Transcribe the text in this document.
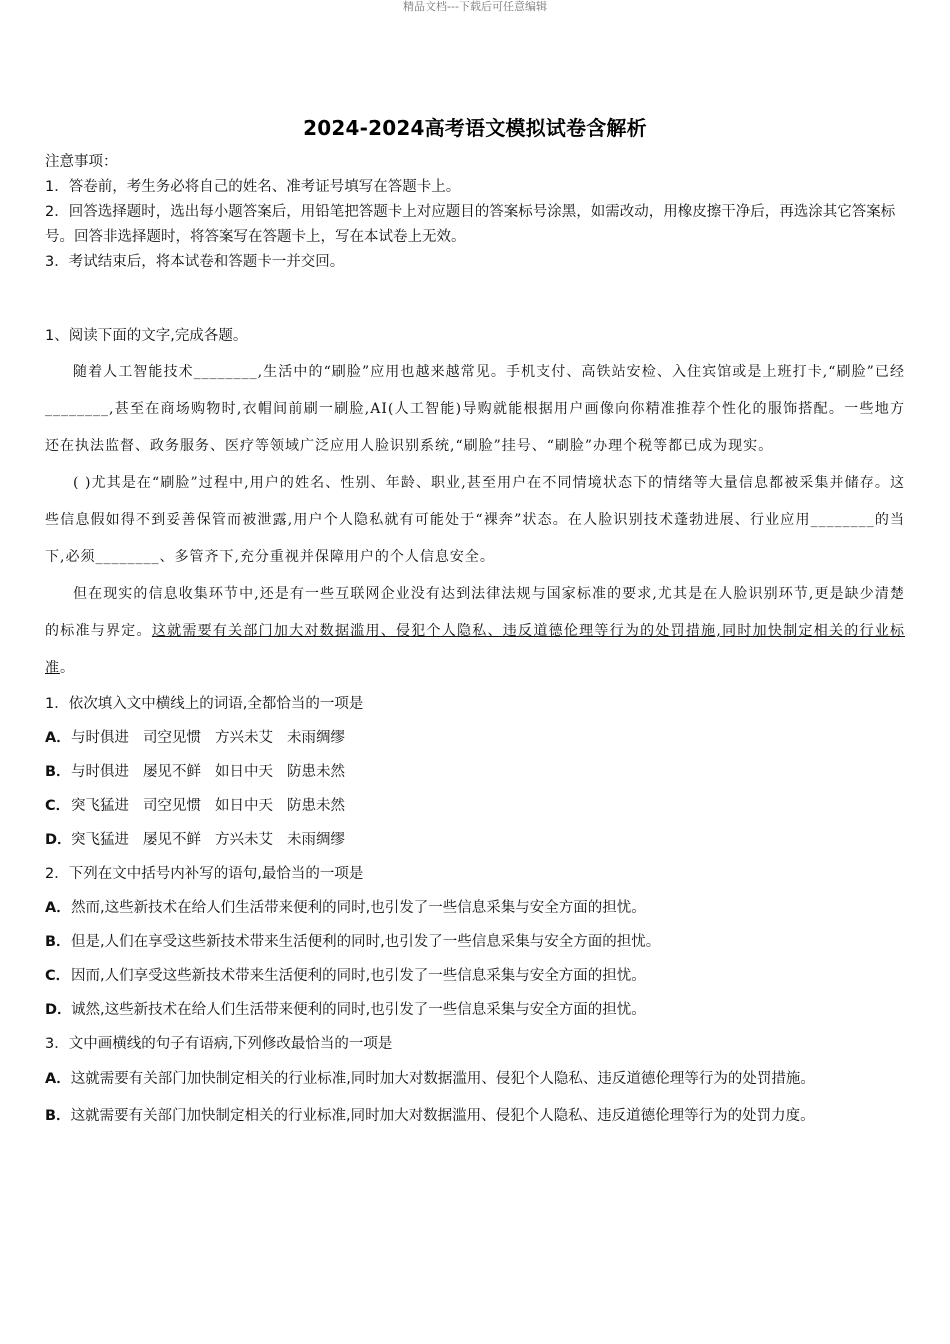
精品文档---下载后可任意编辑
2024-2024高考语文模拟试卷含解析

注意事项：

1．答卷前，考生务必将自己的姓名、准考证号填写在答题卡上。

2．回答选择题时，选出每小题答案后，用铅笔把答题卡上对应题目的答案标号涂黑，如需改动，用橡皮擦干净后，再选涂其它答案标号。回答非选择题时，将答案写在答题卡上，写在本试卷上无效。

3．考试结束后，将本试卷和答题卡一并交回。

1、阅读下面的文字,完成各题。

随着人工智能技术________,生活中的“刷脸”应用也越来越常见。手机支付、高铁站安检、入住宾馆或是上班打卡,“刷脸”已经________,甚至在商场购物时,衣帽间前刷一刷脸,AI(人工智能)导购就能根据用户画像向你精准推荐个性化的服饰搭配。一些地方还在执法监督、政务服务、医疗等领域广泛应用人脸识别系统,“刷脸”挂号、“刷脸”办理个税等都已成为现实。

( )尤其是在“刷脸”过程中,用户的姓名、性别、年龄、职业,甚至用户在不同情境状态下的情绪等大量信息都被采集并储存。这些信息假如得不到妥善保管而被泄露,用户个人隐私就有可能处于“裸奔”状态。在人脸识别技术蓬勃进展、行业应用________的当下,必须________、多管齐下,充分重视并保障用户的个人信息安全。

但在现实的信息收集环节中,还是有一些互联网企业没有达到法律法规与国家标准的要求,尤其是在人脸识别环节,更是缺少清楚的标准与界定。这就需要有关部门加大对数据滥用、侵犯个人隐私、违反道德伦理等行为的处罚措施,同时加快制定相关的行业标准。

1．依次填入文中横线上的词语,全都恰当的一项是

A． 与时俱进 司空见惯 方兴未艾 未雨绸缪
B． 与时俱进 屡见不鲜 如日中天 防患未然
C． 突飞猛进 司空见惯 如日中天 防患未然
D． 突飞猛进 屡见不鲜 方兴未艾 未雨绸缪

2．下列在文中括号内补写的语句,最恰当的一项是

A． 然而,这些新技术在给人们生活带来便利的同时,也引发了一些信息采集与安全方面的担忧。
B． 但是,人们在享受这些新技术带来生活便利的同时,也引发了一些信息采集与安全方面的担忧。
C． 因而,人们享受这些新技术带来生活便利的同时,也引发了一些信息采集与安全方面的担忧。
D． 诚然,这些新技术在给人们生活带来便利的同时,也引发了一些信息采集与安全方面的担忧。

3．文中画横线的句子有语病,下列修改最恰当的一项是

A．这就需要有关部门加快制定相关的行业标准,同时加大对数据滥用、侵犯个人隐私、违反道德伦理等行为的处罚措施。

B．这就需要有关部门加快制定相关的行业标准,同时加大对数据滥用、侵犯个人隐私、违反道德伦理等行为的处罚力度。
